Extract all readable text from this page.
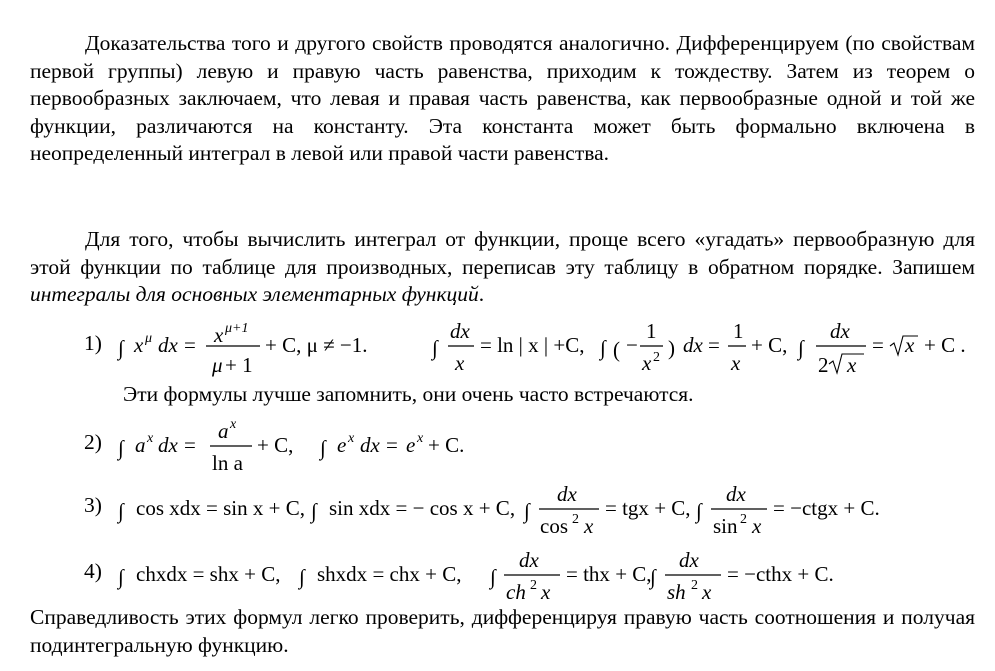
Доказательства того и другого свойств проводятся аналогично. Дифференцируем (по свойствам первой группы) левую и правую часть равенства, приходим к тождеству. Затем из теорем о первообразных заключаем, что левая и правая часть равенства, как первообразные одной и той же функции, различаются на константу. Эта константа может быть формально включена в неопределенный интеграл в левой или правой части равенства.

Для того, чтобы вычислить интеграл от функции, проще всего «угадать» первообразную для этой функции по таблице для производных, переписав эту таблицу в обратном порядке. Запишем интегралы для основных элементарных функций.

1) ∫ x μ dx = x μ+1
μ + 1
+ C, μ ≠ −1.	∫
dx
x
= ln | x | +C, ∫ ( −
1
x 2 ) dx =
1
x
+ C, ∫
dx
2 x
= x + C .
Эти формулы лучше запомнить, они очень часто встречаются.
2) ∫ a x dx =
a x
ln a
+ C, ∫ e x dx = e x + C.
3) ∫ cos xdx = sin x + C, ∫ sin xdx = − cos x + C, ∫
dx
cos 2 x
= tgx + C, ∫
dx
sin 2 x
= −ctgx + C.
4) ∫ chxdx = shx + C, ∫ shxdx = chx + C, ∫
dx
ch 2 x
= thx + C,
∫
dx
sh 2 x
= −cthx + C.

Справедливость этих формул легко проверить, дифференцируя правую часть соотношения и получая подинтегральную функцию.
